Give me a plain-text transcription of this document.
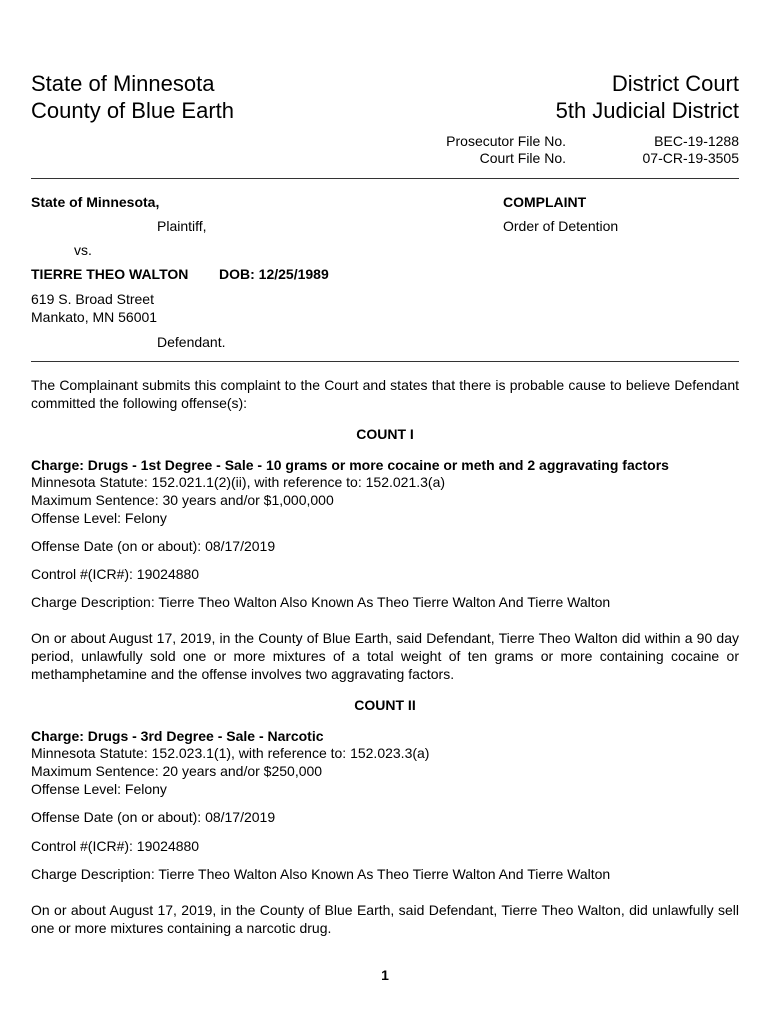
State of Minnesota
County of Blue Earth
District Court
5th Judicial District
Prosecutor File No.	BEC-19-1288
Court File No.	07-CR-19-3505
State of Minnesota,
Plaintiff,
vs.
TIERRE THEO WALTON DOB: 12/25/1989
619 S. Broad Street
Mankato, MN 56001
Defendant.
COMPLAINT
Order of Detention
The Complainant submits this complaint to the Court and states that there is probable cause to believe Defendant committed the following offense(s):
COUNT I
Charge: Drugs - 1st Degree - Sale - 10 grams or more cocaine or meth and 2 aggravating factors
Minnesota Statute: 152.021.1(2)(ii), with reference to: 152.021.3(a)
Maximum Sentence: 30 years and/or $1,000,000
Offense Level: Felony
Offense Date (on or about): 08/17/2019
Control #(ICR#): 19024880
Charge Description: Tierre Theo Walton Also Known As Theo Tierre Walton And Tierre Walton
On or about August 17, 2019, in the County of Blue Earth, said Defendant, Tierre Theo Walton did within a 90 day period, unlawfully sold one or more mixtures of a total weight of ten grams or more containing cocaine or methamphetamine and the offense involves two aggravating factors.
COUNT II
Charge: Drugs - 3rd Degree - Sale - Narcotic
Minnesota Statute: 152.023.1(1), with reference to: 152.023.3(a)
Maximum Sentence: 20 years and/or $250,000
Offense Level: Felony
Offense Date (on or about): 08/17/2019
Control #(ICR#): 19024880
Charge Description: Tierre Theo Walton Also Known As Theo Tierre Walton And Tierre Walton
On or about August 17, 2019, in the County of Blue Earth, said Defendant, Tierre Theo Walton, did unlawfully sell one or more mixtures containing a narcotic drug.
1
